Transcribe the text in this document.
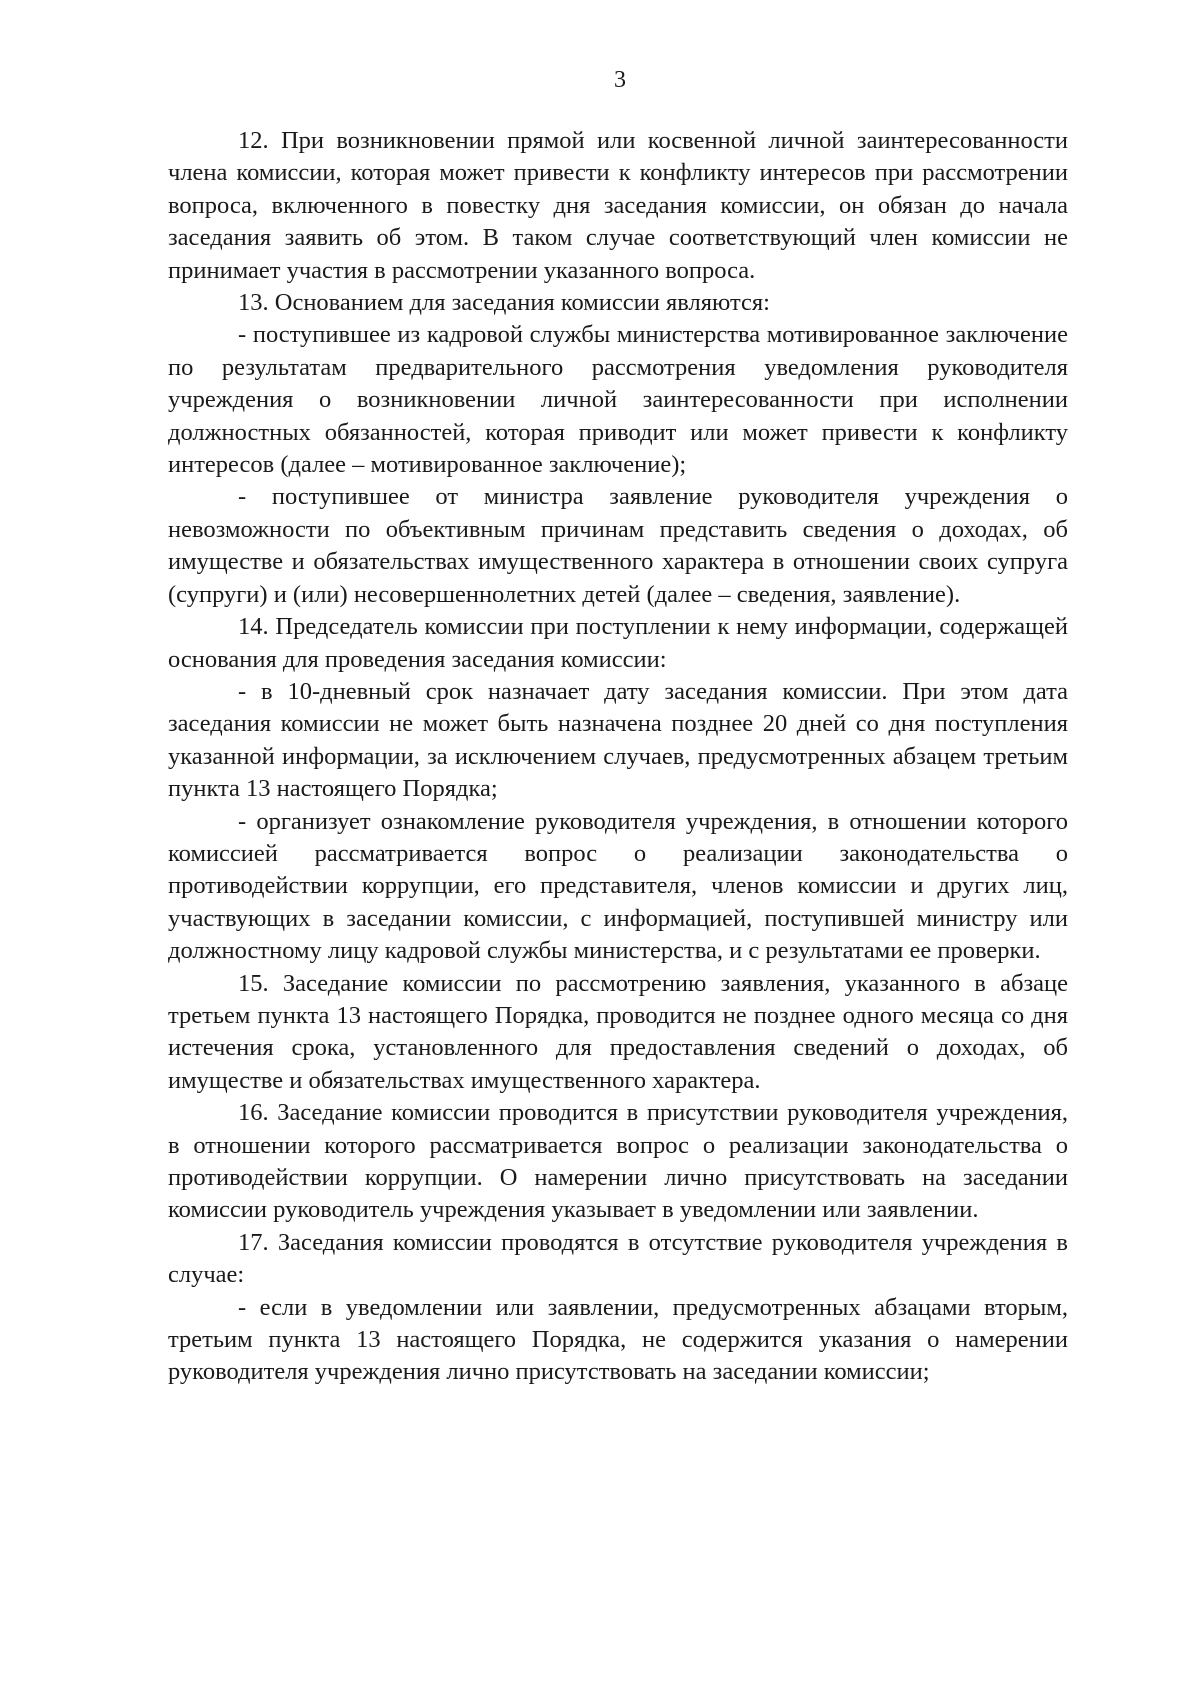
3

12. При возникновении прямой или косвенной личной заинтересованности члена комиссии, которая может привести к конфликту интересов при рассмотрении вопроса, включенного в повестку дня заседания комиссии, он обязан до начала заседания заявить об этом. В таком случае соответствующий член комиссии не принимает участия в рассмотрении указанного вопроса.

13. Основанием для заседания комиссии являются:

- поступившее из кадровой службы министерства мотивированное заключение по результатам предварительного рассмотрения уведомления руководителя учреждения о возникновении личной заинтересованности при исполнении должностных обязанностей, которая приводит или может привести к конфликту интересов (далее – мотивированное заключение);

- поступившее от министра заявление руководителя учреждения о невозможности по объективным причинам представить сведения о доходах, об имуществе и обязательствах имущественного характера в отношении своих супруга (супруги) и (или) несовершеннолетних детей (далее – сведения, заявление).

14. Председатель комиссии при поступлении к нему информации, содержащей основания для проведения заседания комиссии:

- в 10-дневный срок назначает дату заседания комиссии. При этом дата заседания комиссии не может быть назначена позднее 20 дней со дня поступления указанной информации, за исключением случаев, предусмотренных абзацем третьим пункта 13 настоящего Порядка;

- организует ознакомление руководителя учреждения, в отношении которого комиссией рассматривается вопрос о реализации законодательства о противодействии коррупции, его представителя, членов комиссии и других лиц, участвующих в заседании комиссии, с информацией, поступившей министру или должностному лицу кадровой службы министерства, и с результатами ее проверки.

15. Заседание комиссии по рассмотрению заявления, указанного в абзаце третьем пункта 13 настоящего Порядка, проводится не позднее одного месяца со дня истечения срока, установленного для предоставления сведений о доходах, об имуществе и обязательствах имущественного характера.

16. Заседание комиссии проводится в присутствии руководителя учреждения, в отношении которого рассматривается вопрос о реализации законодательства о противодействии коррупции. О намерении лично присутствовать на заседании комиссии руководитель учреждения указывает в уведомлении или заявлении.

17. Заседания комиссии проводятся в отсутствие руководителя учреждения в случае:

- если в уведомлении или заявлении, предусмотренных абзацами вторым, третьим пункта 13 настоящего Порядка, не содержится указания о намерении руководителя учреждения лично присутствовать на заседании комиссии;
